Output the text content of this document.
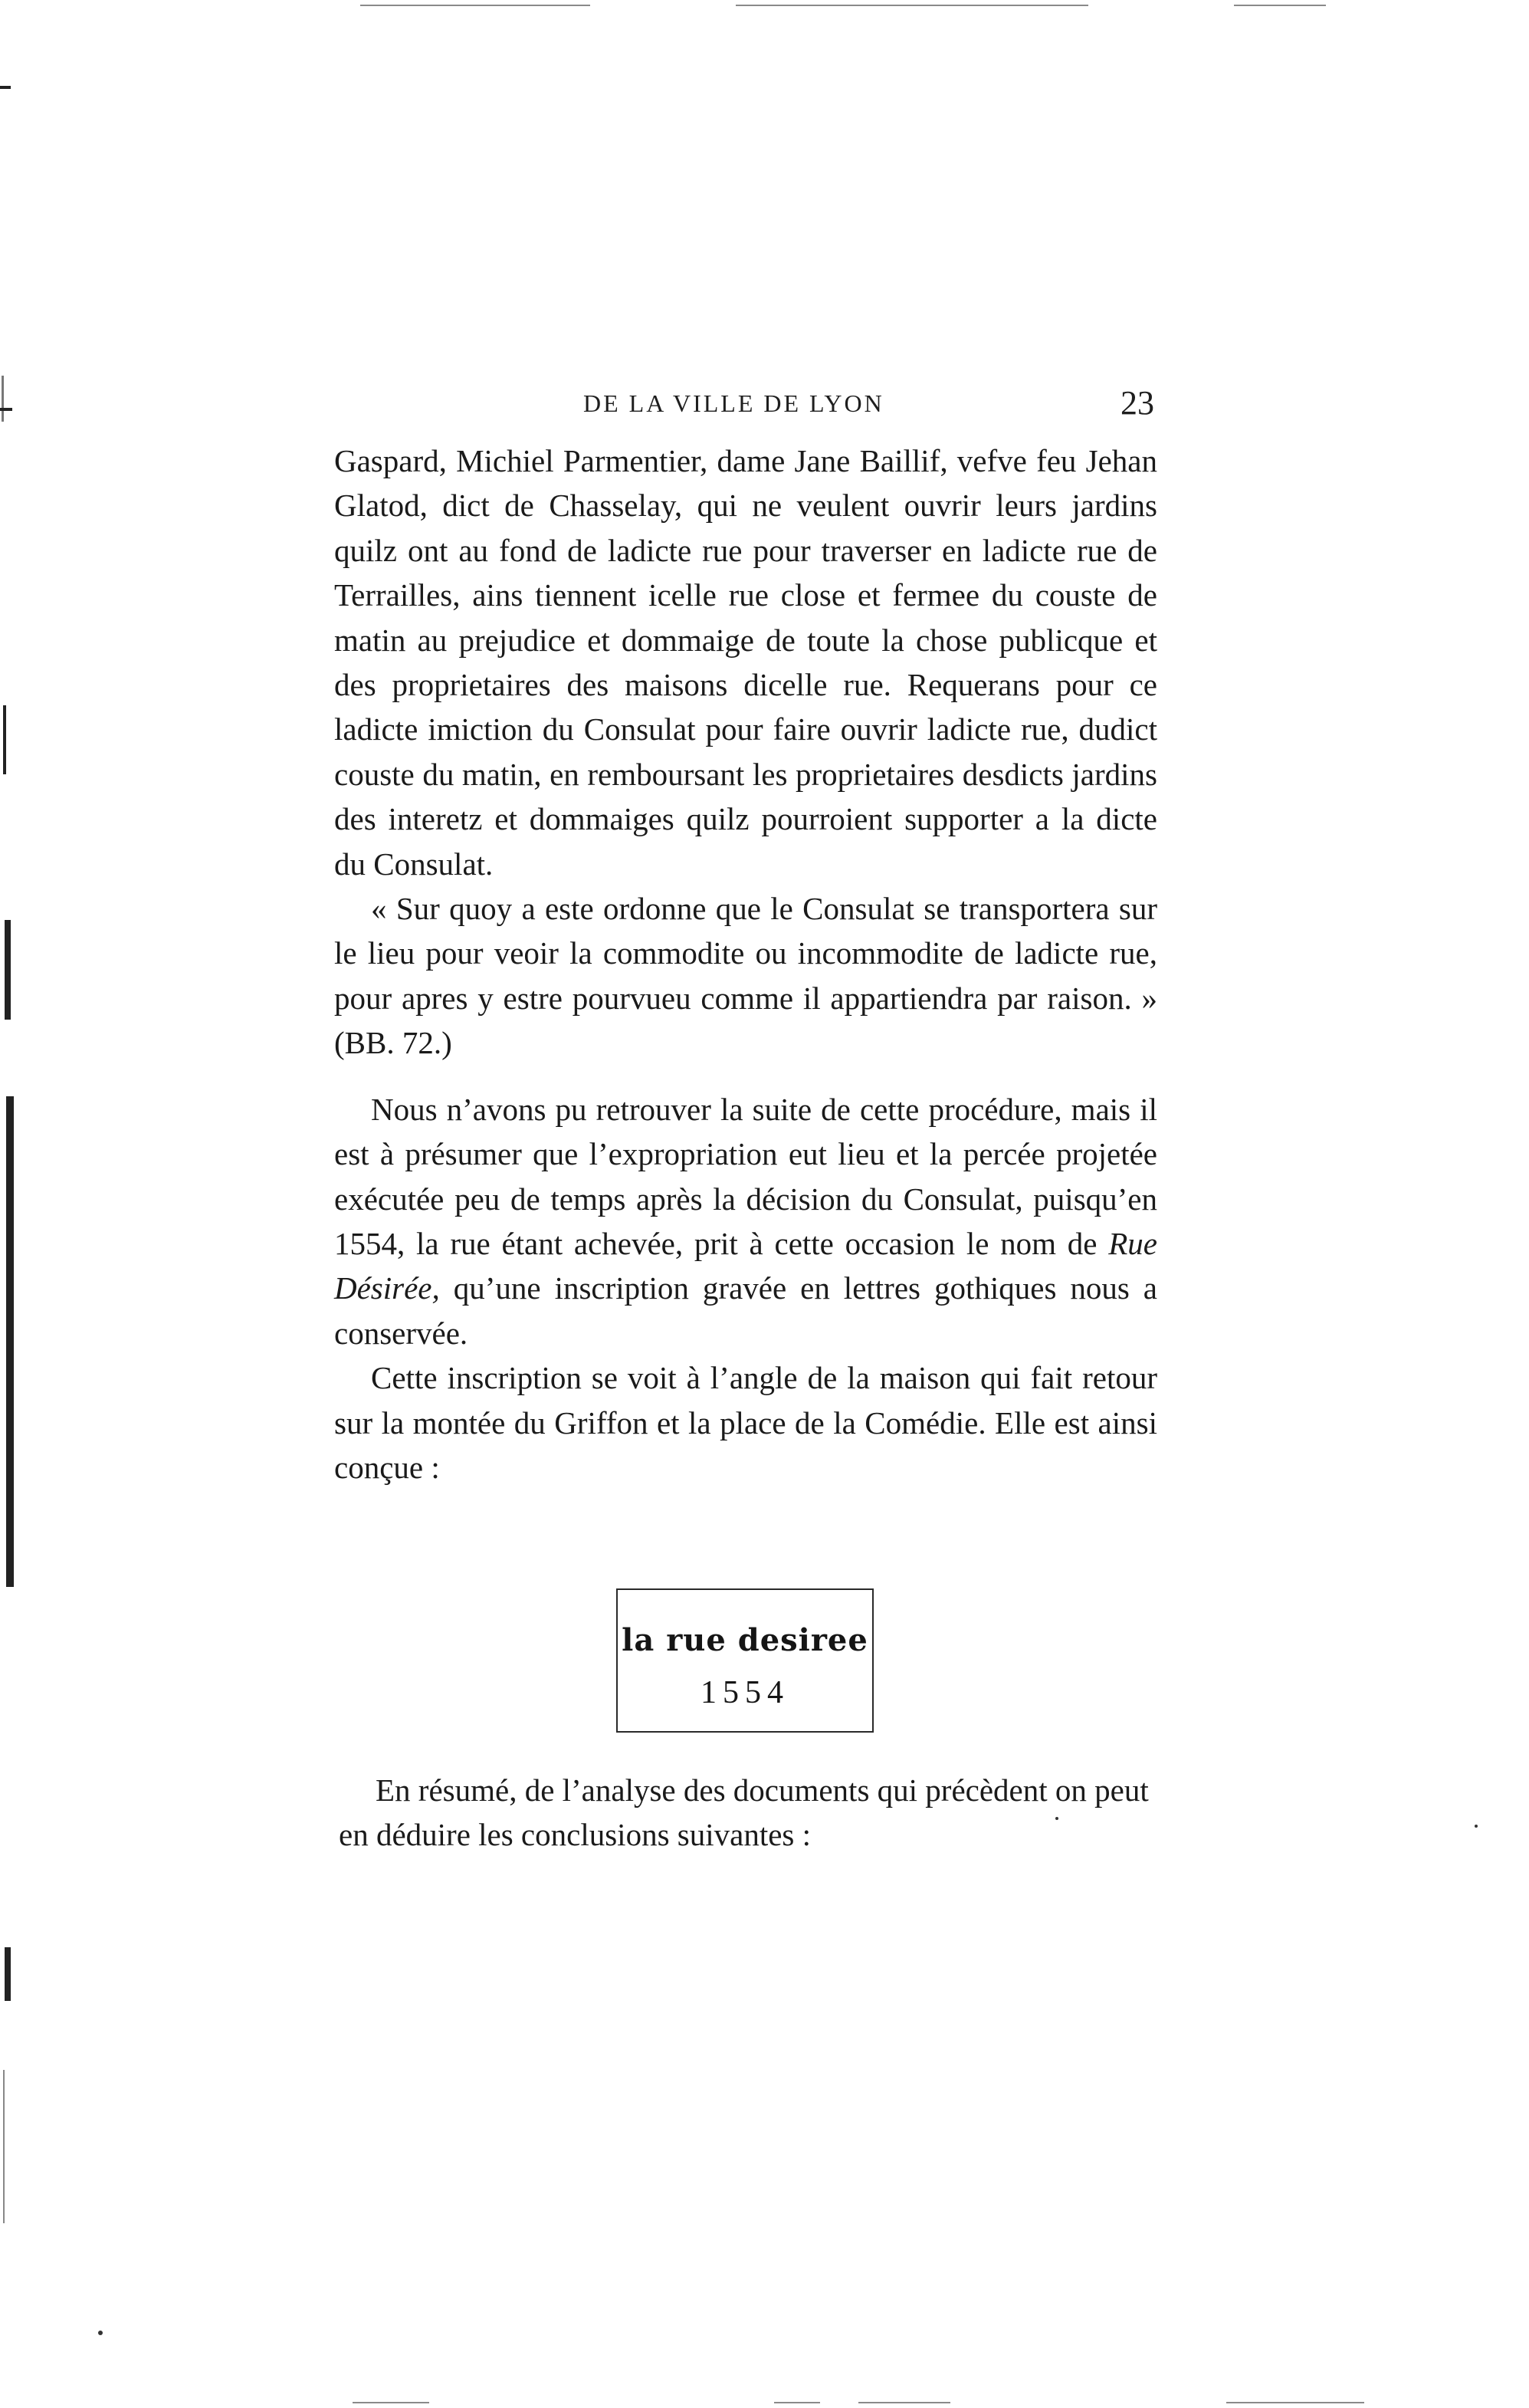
DE LA VILLE DE LYON	23

Gaspard, Michiel Parmentier, dame Jane Baillif, vefve feu Jehan Glatod, dict de Chasselay, qui ne veulent ouvrir leurs jardins quilz ont au fond de ladicte rue pour traverser en ladicte rue de Terrailles, ains tiennent icelle rue close et fermee du couste de matin au prejudice et dommaige de toute la chose publicque et des proprietaires des maisons dicelle rue. Requerans pour ce ladicte imiction du Consulat pour faire ouvrir ladicte rue, dudict couste du matin, en remboursant les proprietaires desdicts jardins des interetz et dommaiges quilz pourroient supporter a la dicte du Consulat.

« Sur quoy a este ordonne que le Consulat se transportera sur le lieu pour veoir la commodite ou incommodite de ladicte rue, pour apres y estre pourvueu comme il appartiendra par raison. » (BB. 72.)

Nous n’avons pu retrouver la suite de cette procédure, mais il est à présumer que l’expropriation eut lieu et la percée projetée exécutée peu de temps après la décision du Consulat, puisqu’en 1554, la rue étant achevée, prit à cette occasion le nom de Rue Désirée, qu’une inscription gravée en lettres gothiques nous a conservée.

Cette inscription se voit à l’angle de la maison qui fait retour sur la montée du Griffon et la place de la Comédie. Elle est ainsi conçue :

la rue desiree
1554

En résumé, de l’analyse des documents qui précèdent on peut en déduire les conclusions suivantes :
